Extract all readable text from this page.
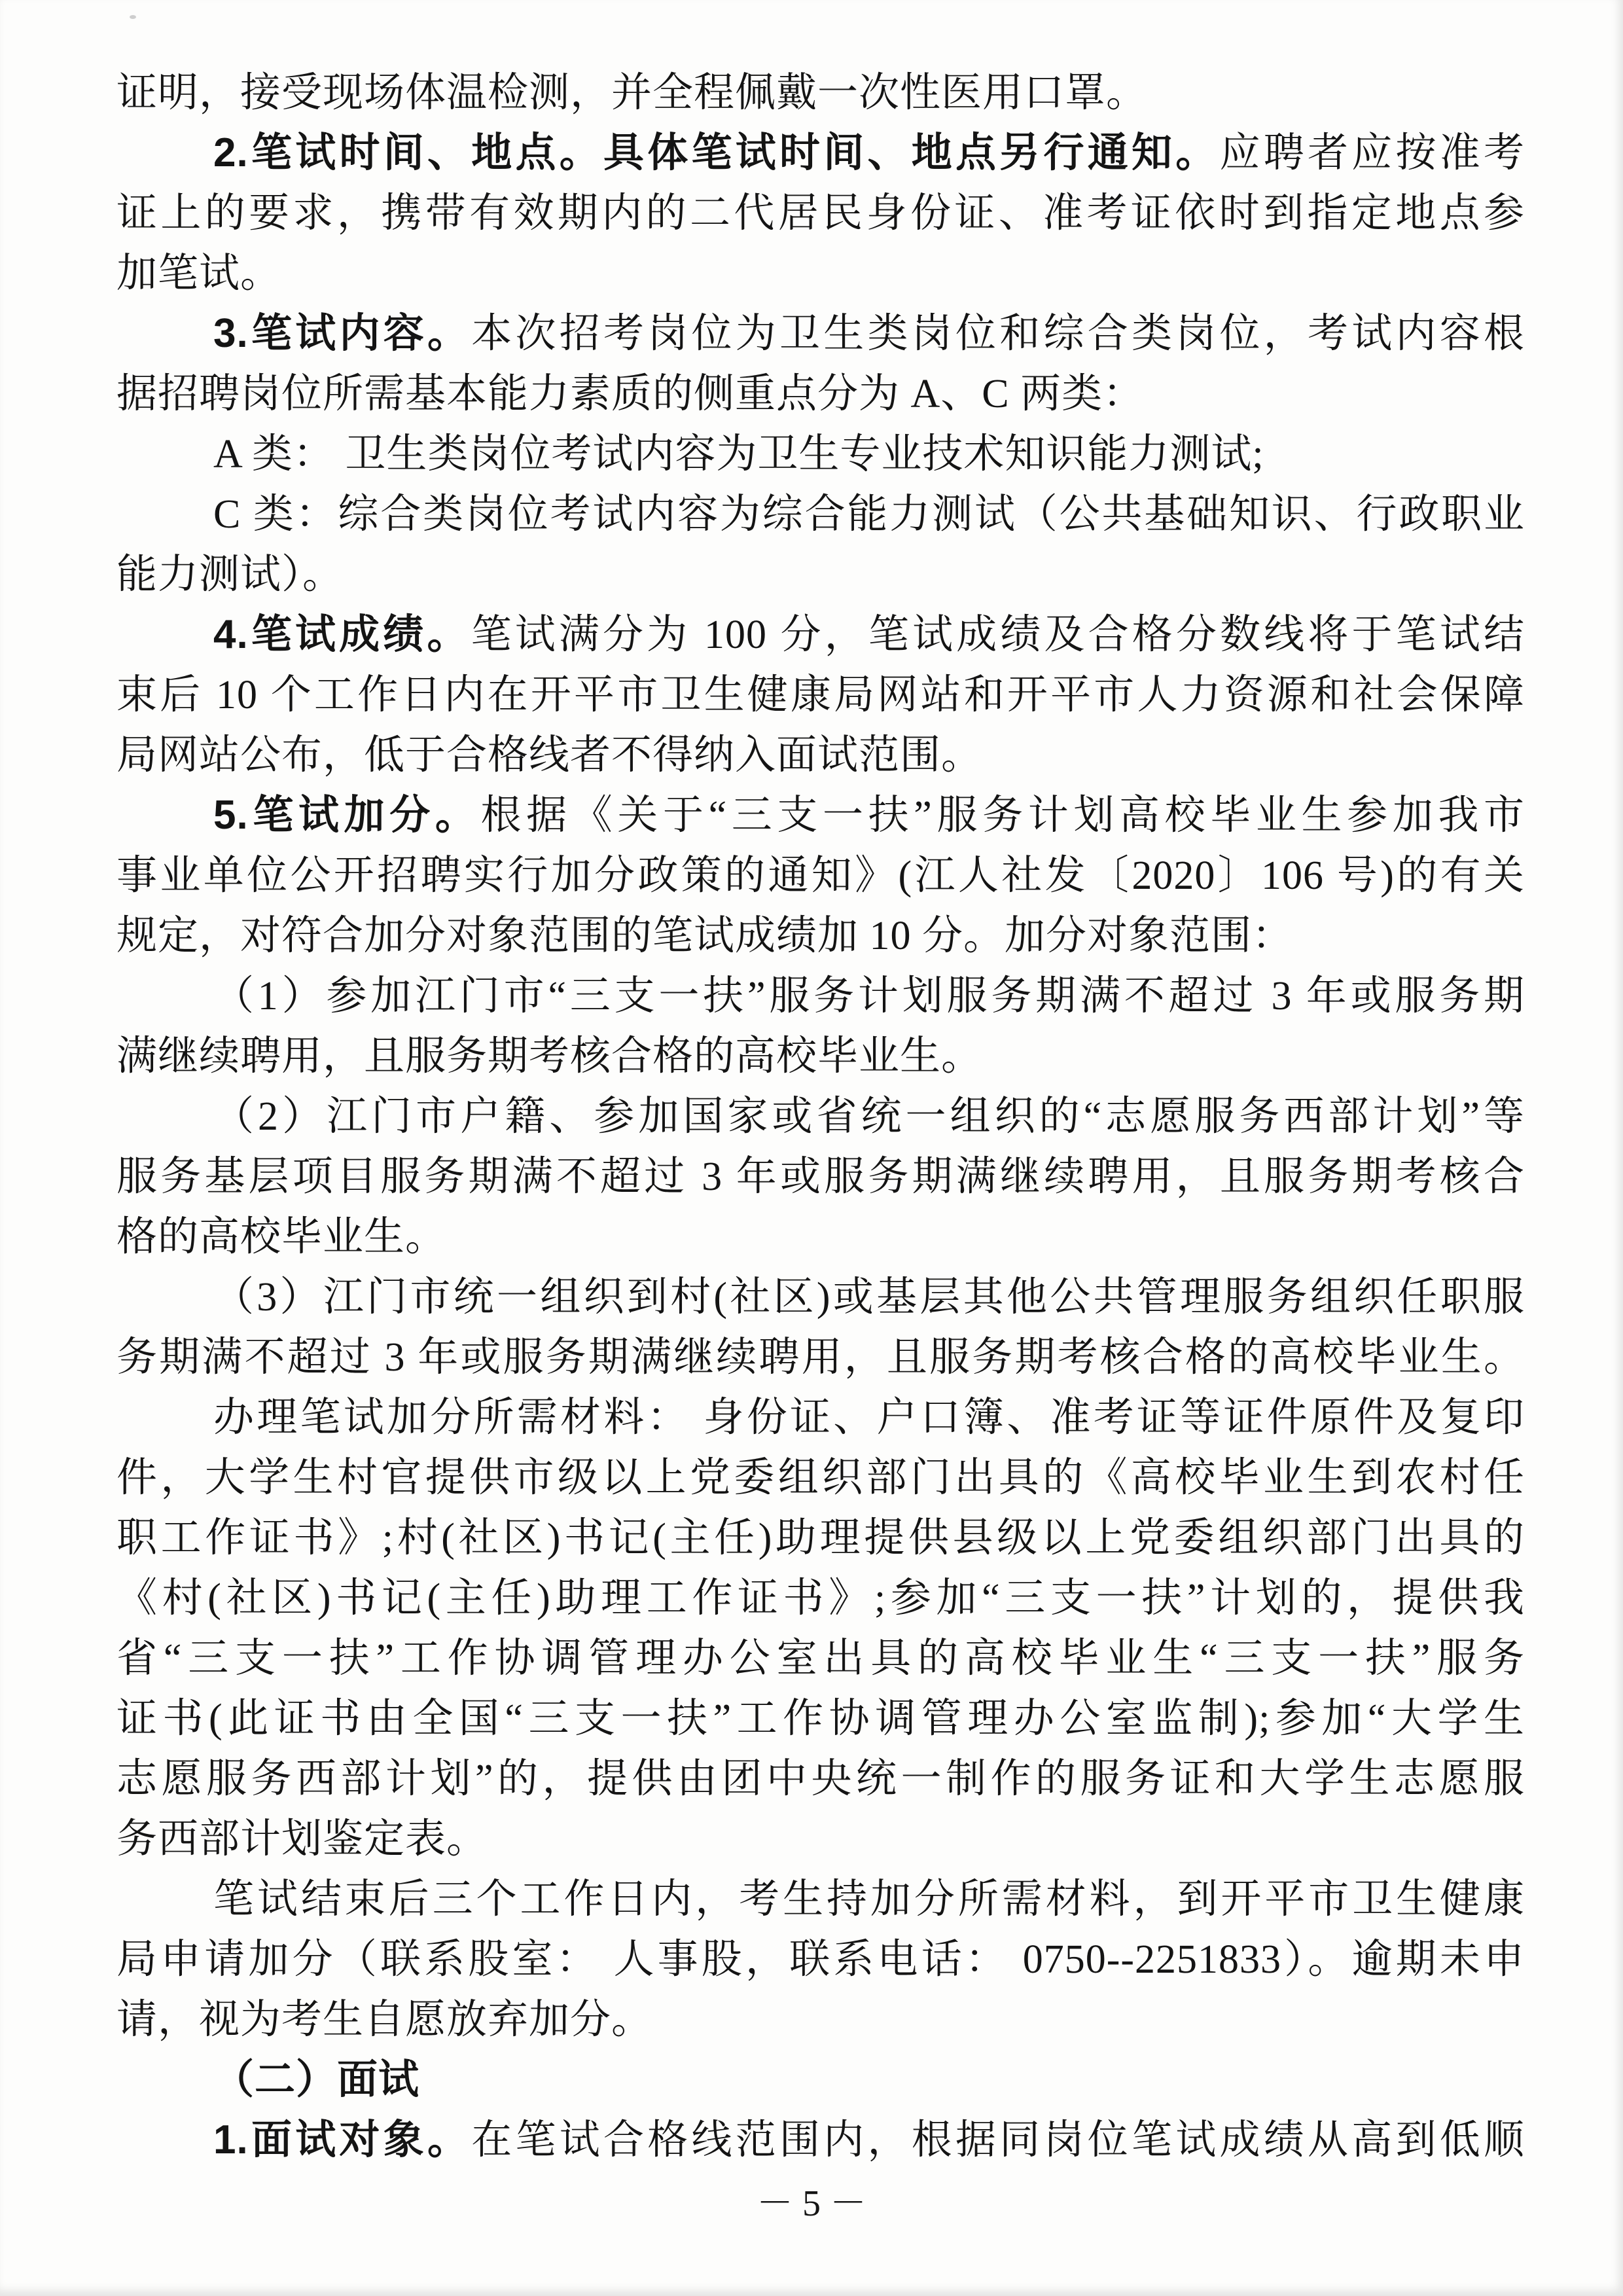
证明，接受现场体温检测，并全程佩戴一次性医用口罩。
2.笔试时间、地点。具体笔试时间、地点另行通知。应聘者应按准考
证上的要求，携带有效期内的二代居民身份证、准考证依时到指定地点参
加笔试。
3.笔试内容。本次招考岗位为卫生类岗位和综合类岗位，考试内容根
据招聘岗位所需基本能力素质的侧重点分为 A、C 两类：
A 类： 卫生类岗位考试内容为卫生专业技术知识能力测试;
C 类：综合类岗位考试内容为综合能力测试（公共基础知识、行政职业
能力测试）。
4.笔试成绩。笔试满分为 100 分，笔试成绩及合格分数线将于笔试结
束后 10 个工作日内在开平市卫生健康局网站和开平市人力资源和社会保障
局网站公布，低于合格线者不得纳入面试范围。
5.笔试加分。根据《关于“三支一扶”服务计划高校毕业生参加我市
事业单位公开招聘实行加分政策的通知》(江人社发〔2020〕106 号)的有关
规定，对符合加分对象范围的笔试成绩加 10 分。加分对象范围：
（1）参加江门市“三支一扶”服务计划服务期满不超过 3 年或服务期
满继续聘用，且服务期考核合格的高校毕业生。
（2）江门市户籍、参加国家或省统一组织的“志愿服务西部计划”等
服务基层项目服务期满不超过 3 年或服务期满继续聘用，且服务期考核合
格的高校毕业生。
（3）江门市统一组织到村(社区)或基层其他公共管理服务组织任职服
务期满不超过 3 年或服务期满继续聘用，且服务期考核合格的高校毕业生。
办理笔试加分所需材料： 身份证、户口簿、准考证等证件原件及复印
件，大学生村官提供市级以上党委组织部门出具的《高校毕业生到农村任
职工作证书》;村(社区)书记(主任)助理提供县级以上党委组织部门出具的
《村(社区)书记(主任)助理工作证书》;参加“三支一扶”计划的，提供我
省“三支一扶”工作协调管理办公室出具的高校毕业生“三支一扶”服务
证书(此证书由全国“三支一扶”工作协调管理办公室监制);参加“大学生
志愿服务西部计划”的，提供由团中央统一制作的服务证和大学生志愿服
务西部计划鉴定表。
笔试结束后三个工作日内，考生持加分所需材料，到开平市卫生健康
局申请加分（联系股室： 人事股，联系电话： 0750--2251833）。逾期未申
请，视为考生自愿放弃加分。
（二）面试
1.面试对象。在笔试合格线范围内，根据同岗位笔试成绩从高到低顺
－ 5 －
